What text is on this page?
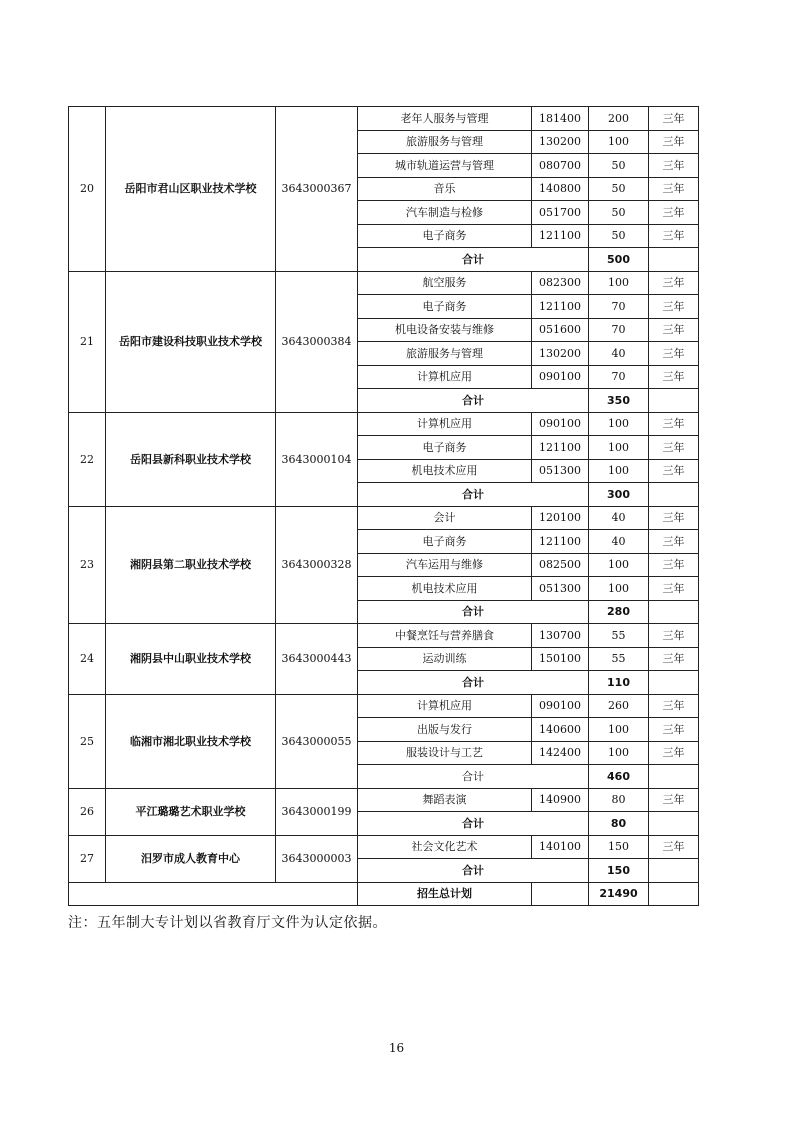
20	岳阳市君山区职业技术学校	3643000367	老年人服务与管理	181400	200	三年
			旅游服务与管理	130200	100	三年
			城市轨道运营与管理	080700	50	三年
			音乐	140800	50	三年
			汽车制造与检修	051700	50	三年
			电子商务	121100	50	三年
			合计		500	
21	岳阳市建设科技职业技术学校	3643000384	航空服务	082300	100	三年
			电子商务	121100	70	三年
			机电设备安装与维修	051600	70	三年
			旅游服务与管理	130200	40	三年
			计算机应用	090100	70	三年
			合计		350	
22	岳阳县新科职业技术学校	3643000104	计算机应用	090100	100	三年
			电子商务	121100	100	三年
			机电技术应用	051300	100	三年
			合计		300	
23	湘阴县第二职业技术学校	3643000328	会计	120100	40	三年
			电子商务	121100	40	三年
			汽车运用与维修	082500	100	三年
			机电技术应用	051300	100	三年
			合计		280	
24	湘阴县中山职业技术学校	3643000443	中餐烹饪与营养膳食	130700	55	三年
			运动训练	150100	55	三年
			合计		110	
25	临湘市湘北职业技术学校	3643000055	计算机应用	090100	260	三年
			出版与发行	140600	100	三年
			服装设计与工艺	142400	100	三年
			合计		460	
26	平江璐璐艺术职业学校	3643000199	舞蹈表演	140900	80	三年
			合计		80	
27	汨罗市成人教育中心	3643000003	社会文化艺术	140100	150	三年
			合计		150	
			招生总计划		21490	
注：五年制大专计划以省教育厅文件为认定依据。
16
